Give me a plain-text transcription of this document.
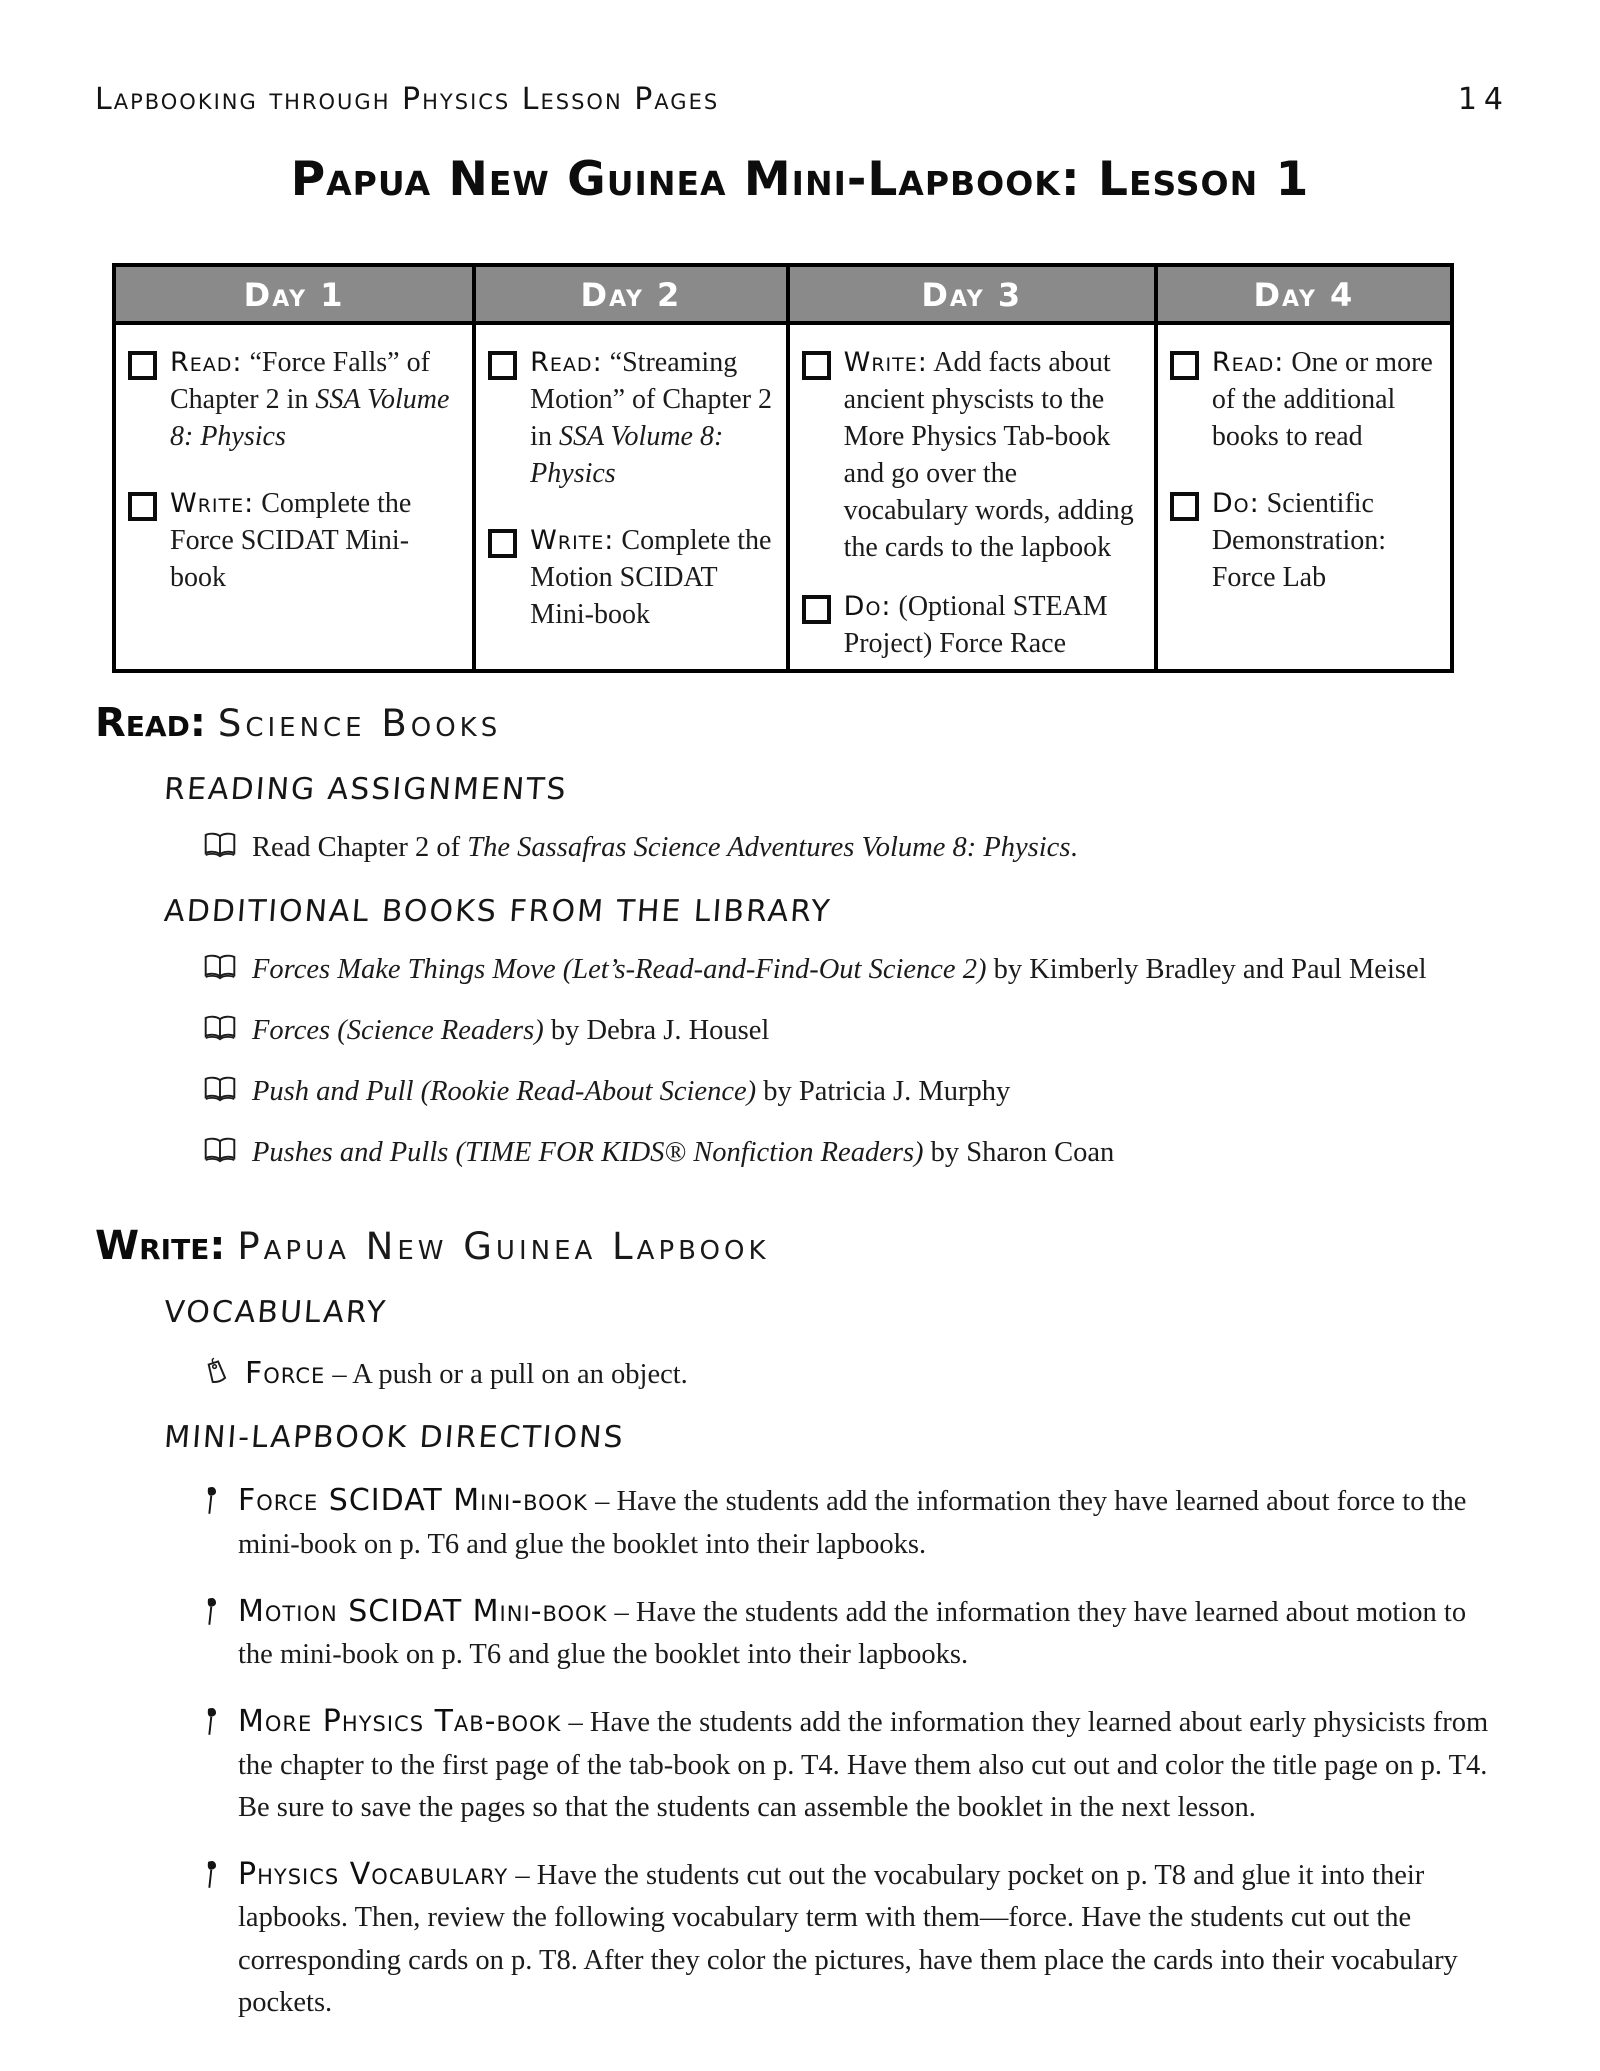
Lapbooking through Physics Lesson Pages	14
Papua New Guinea Mini-Lapbook: Lesson 1
Day 1
Read: “Force Falls” of Chapter 2 in SSA Volume 8: Physics
Write: Complete the Force SCIDAT Mini-book
Day 2
Read: “Streaming Motion” of Chapter 2 in SSA Volume 8: Physics
Write: Complete the Motion SCIDAT Mini-book
Day 3
Write: Add facts about ancient physcists to the More Physics Tab-book and go over the vocabulary words, adding the cards to the lapbook
Do: (Optional STEAM Project) Force Race
Day 4
Read: One or more of the additional books to read
Do: Scientific Demonstration: Force Lab
Read: Science Books
READING ASSIGNMENTS
Read Chapter 2 of The Sassafras Science Adventures Volume 8: Physics.
ADDITIONAL BOOKS FROM THE LIBRARY
Forces Make Things Move (Let’s-Read-and-Find-Out Science 2) by Kimberly Bradley and Paul Meisel
Forces (Science Readers) by Debra J. Housel
Push and Pull (Rookie Read-About Science) by Patricia J. Murphy
Pushes and Pulls (TIME FOR KIDS® Nonfiction Readers) by Sharon Coan
Write: Papua New Guinea Lapbook
VOCABULARY
Force – A push or a pull on an object.
MINI-LAPBOOK DIRECTIONS
Force SCIDAT Mini-book – Have the students add the information they have learned about force to the mini-book on p. T6 and glue the booklet into their lapbooks.
Motion SCIDAT Mini-book – Have the students add the information they have learned about motion to the mini-book on p. T6 and glue the booklet into their lapbooks.
More Physics Tab-book – Have the students add the information they learned about early physicists from the chapter to the first page of the tab-book on p. T4. Have them also cut out and color the title page on p. T4. Be sure to save the pages so that the students can assemble the booklet in the next lesson.
Physics Vocabulary – Have the students cut out the vocabulary pocket on p. T8 and glue it into their lapbooks. Then, review the following vocabulary term with them—force. Have the students cut out the corresponding cards on p. T8. After they color the pictures, have them place the cards into their vocabulary pockets.
